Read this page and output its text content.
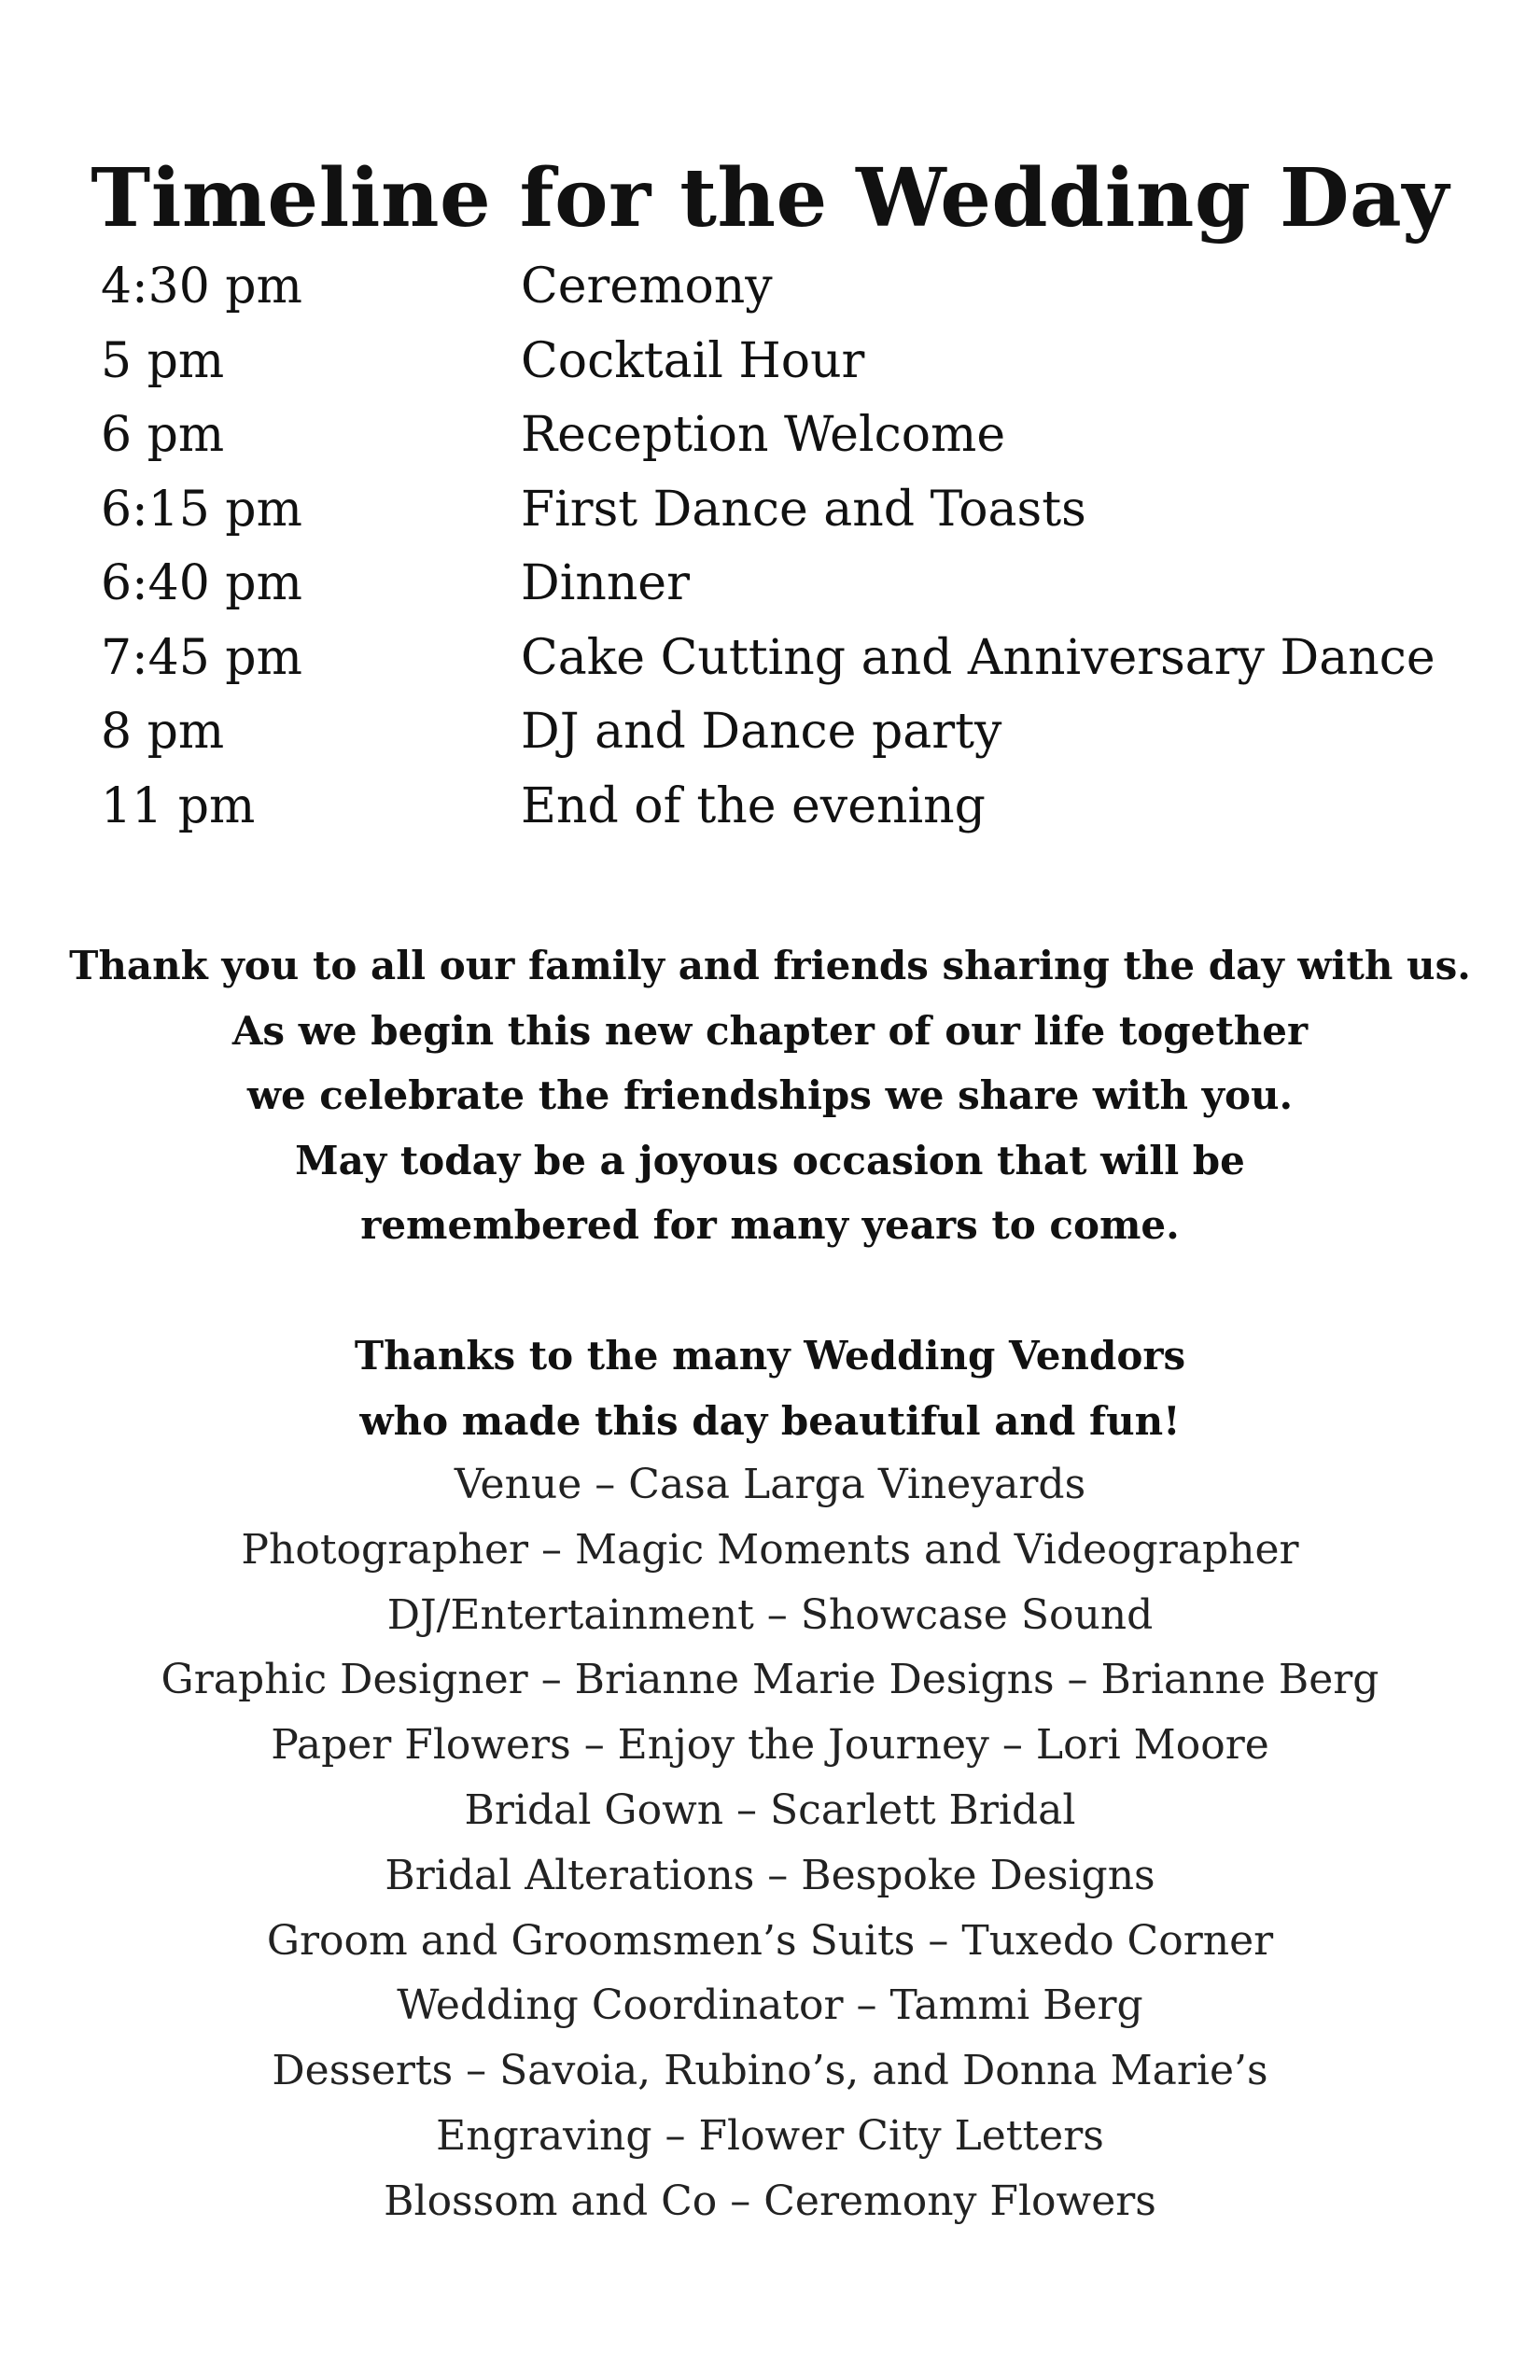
Timeline for the Wedding Day
4:30 pm	Ceremony
5 pm	Cocktail Hour
6 pm	Reception Welcome
6:15 pm	First Dance and Toasts
6:40 pm	Dinner
7:45 pm	Cake Cutting and Anniversary Dance
8 pm	DJ and Dance party
11 pm	End of the evening

Thank you to all our family and friends sharing the day with us.

As we begin this new chapter of our life together

we celebrate the friendships we share with you.

May today be a joyous occasion that will be

remembered for many years to come.

Thanks to the many Wedding Vendors

who made this day beautiful and fun!

Venue – Casa Larga Vineyards

Photographer – Magic Moments and Videographer

DJ/Entertainment – Showcase Sound

Graphic Designer – Brianne Marie Designs – Brianne Berg

Paper Flowers – Enjoy the Journey – Lori Moore

Bridal Gown – Scarlett Bridal

Bridal Alterations – Bespoke Designs

Groom and Groomsmen’s Suits – Tuxedo Corner

Wedding Coordinator – Tammi Berg

Desserts – Savoia, Rubino’s, and Donna Marie’s

Engraving – Flower City Letters

Blossom and Co – Ceremony Flowers
